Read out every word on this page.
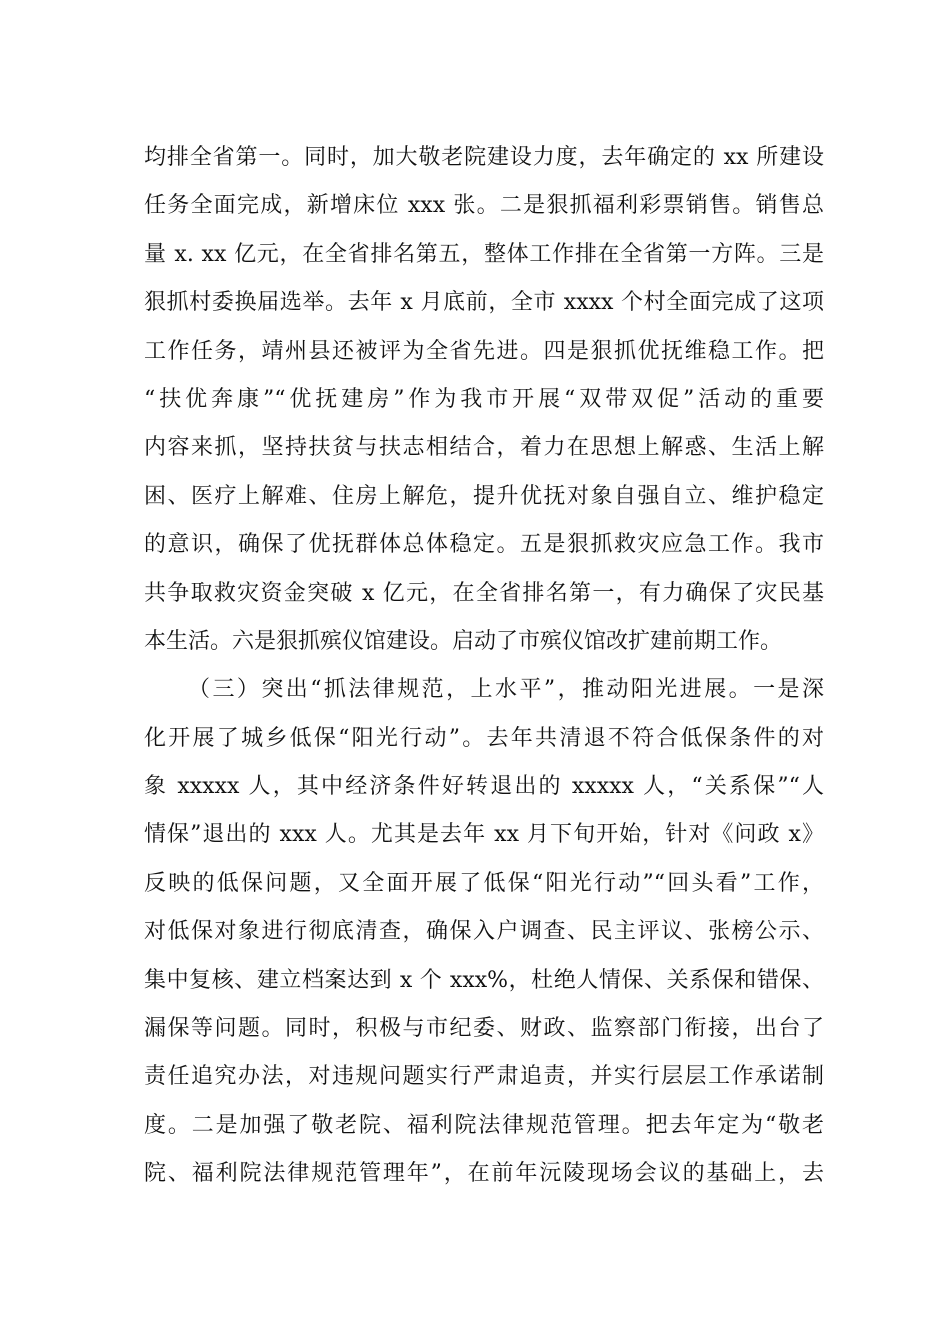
均排全省第一。同时，加大敬老院建设力度，去年确定的 xx 所建设
任务全面完成，新增床位 xxx 张。二是狠抓福利彩票销售。销售总
量 x. xx 亿元，在全省排名第五，整体工作排在全省第一方阵。三是
狠抓村委换届选举。去年 x 月底前，全市 xxxx 个村全面完成了这项
工作任务，靖州县还被评为全省先进。四是狠抓优抚维稳工作。把
“扶优奔康”“优抚建房”作为我市开展“双带双促”活动的重要
内容来抓，坚持扶贫与扶志相结合，着力在思想上解惑、生活上解
困、医疗上解难、住房上解危，提升优抚对象自强自立、维护稳定
的意识，确保了优抚群体总体稳定。五是狠抓救灾应急工作。我市
共争取救灾资金突破 x 亿元，在全省排名第一，有力确保了灾民基
本生活。六是狠抓殡仪馆建设。启动了市殡仪馆改扩建前期工作。
（三）突出“抓法律规范，上水平”，推动阳光进展。一是深
化开展了城乡低保“阳光行动”。去年共清退不符合低保条件的对
象 xxxxx 人，其中经济条件好转退出的 xxxxx 人，“关系保”“人
情保”退出的 xxx 人。尤其是去年 xx 月下旬开始，针对《问政 x》
反映的低保问题，又全面开展了低保“阳光行动”“回头看”工作，
对低保对象进行彻底清查，确保入户调查、民主评议、张榜公示、
集中复核、建立档案达到 x 个 xxx%，杜绝人情保、关系保和错保、
漏保等问题。同时，积极与市纪委、财政、监察部门衔接，出台了
责任追究办法，对违规问题实行严肃追责，并实行层层工作承诺制
度。二是加强了敬老院、福利院法律规范管理。把去年定为“敬老
院、福利院法律规范管理年”，在前年沅陵现场会议的基础上，去
